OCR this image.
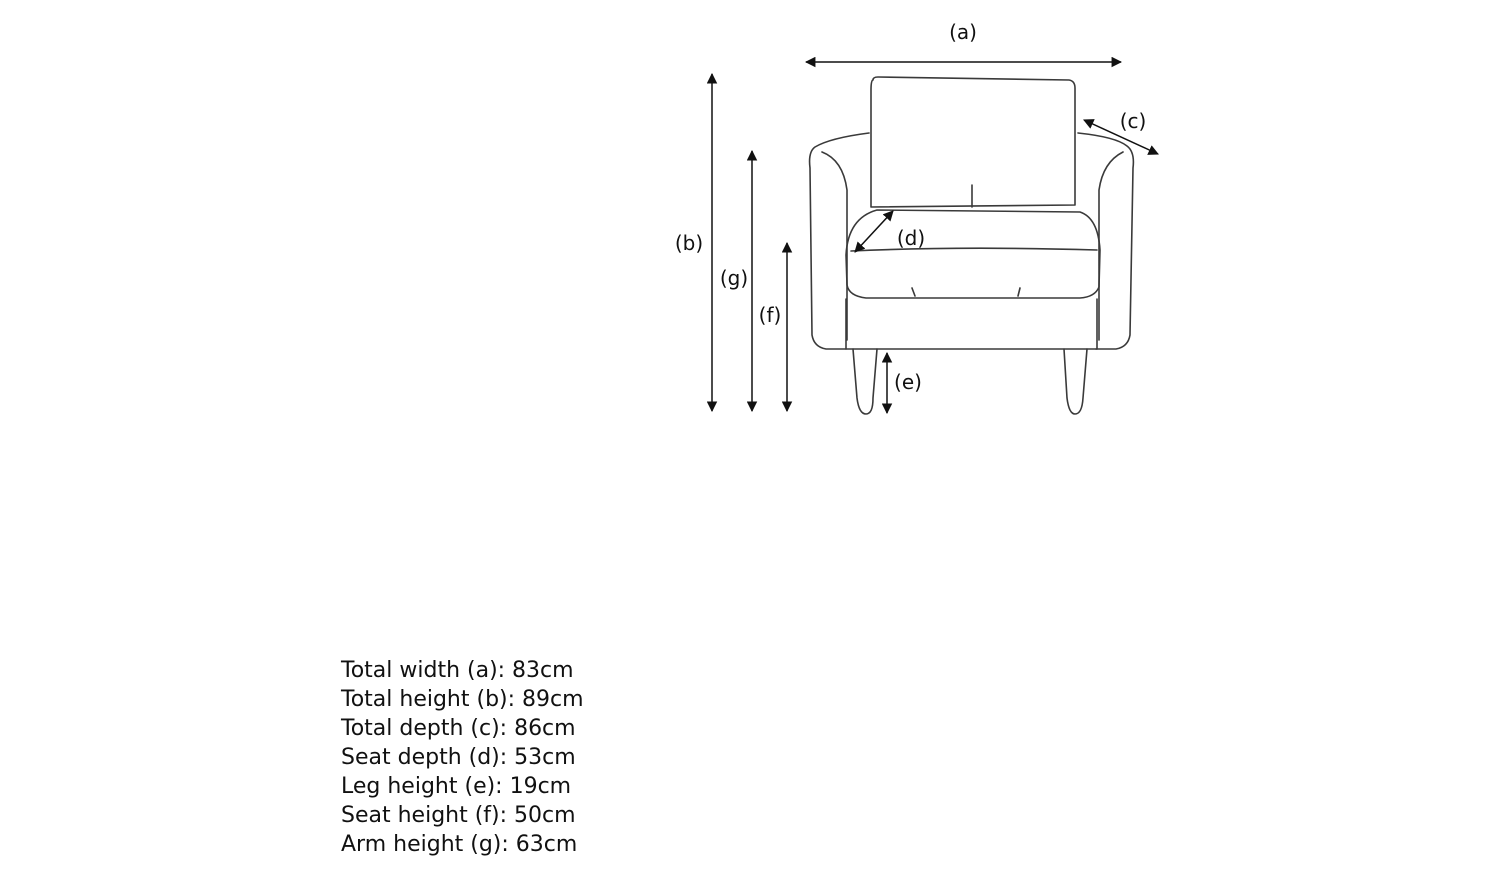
(a)
(b)
(c)
(d)
(e)
(f)
(g)
Total width (a): 83cm
Total height (b): 89cm
Total depth (c): 86cm
Seat depth (d): 53cm
Leg height (e): 19cm
Seat height (f): 50cm
Arm height (g): 63cm
